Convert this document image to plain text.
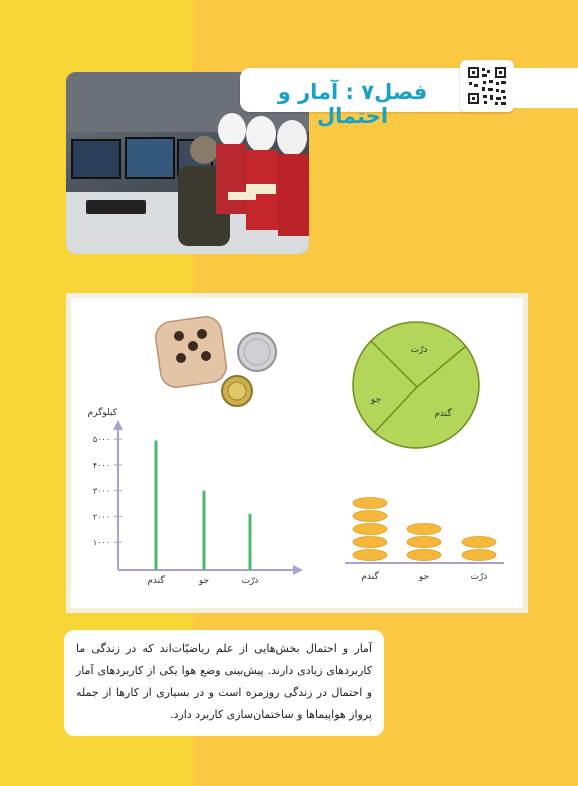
فصل۷ : آمار و احتمال
کیلوگرم
۱۰۰۰
۲۰۰۰
۳۰۰۰
۴۰۰۰
۵۰۰۰
گندم	جو	ذرّت
ذرّت
جو
گندم
گندم	جو	ذرّت

آمار و احتمال بخش‌هایی از علم ریاضیّات‌اند که در زندگی ما کاربردهای زیادی دارند. پیش‌بینی وضع هوا یکی از کاربردهای آمار و احتمال در زندگی روزمره است و در بسیاری از کارها از جمله پرواز هواپیماها و ساختمان‌سازی کاربرد دارد.
